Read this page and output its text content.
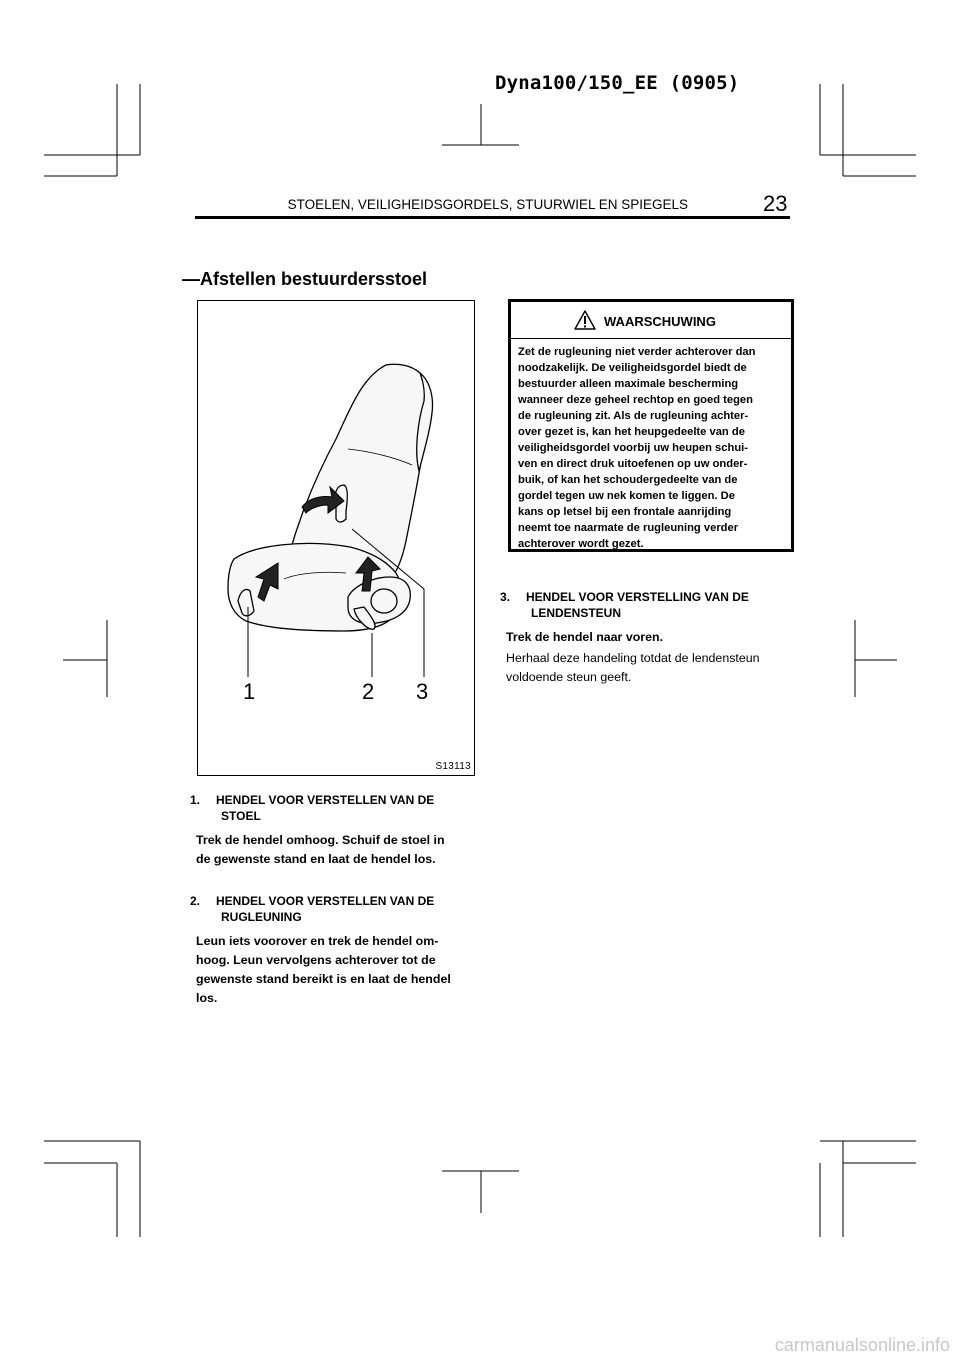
Dyna100/150_EE (0905)
STOELEN, VEILIGHEIDSGORDELS, STUURWIEL EN SPIEGELS	23
—Afstellen bestuurdersstoel
1	2 3
S13113
WAARSCHUWING
Zet de rugleuning niet verder achterover dan
noodzakelijk. De veiligheidsgordel biedt de
bestuurder alleen maximale bescherming
wanneer deze geheel rechtop en goed tegen
de rugleuning zit. Als de rugleuning achter-
over gezet is, kan het heupgedeelte van de
veiligheidsgordel voorbij uw heupen schui-
ven en direct druk uitoefenen op uw onder-
buik, of kan het schoudergedeelte van de
gordel tegen uw nek komen te liggen. De
kans op letsel bij een frontale aanrijding
neemt toe naarmate de rugleuning verder
achterover wordt gezet.
1. HENDEL VOOR VERSTELLEN VAN DE
STOEL
Trek de hendel omhoog. Schuif de stoel in
de gewenste stand en laat de hendel los.
2. HENDEL VOOR VERSTELLEN VAN DE
RUGLEUNING
Leun iets voorover en trek de hendel om-
hoog. Leun vervolgens achterover tot de
gewenste stand bereikt is en laat de hendel
los.
3. HENDEL VOOR VERSTELLING VAN DE
LENDENSTEUN
Trek de hendel naar voren.
Herhaal deze handeling totdat de lendensteun
voldoende steun geeft.
carmanualsonline.info
